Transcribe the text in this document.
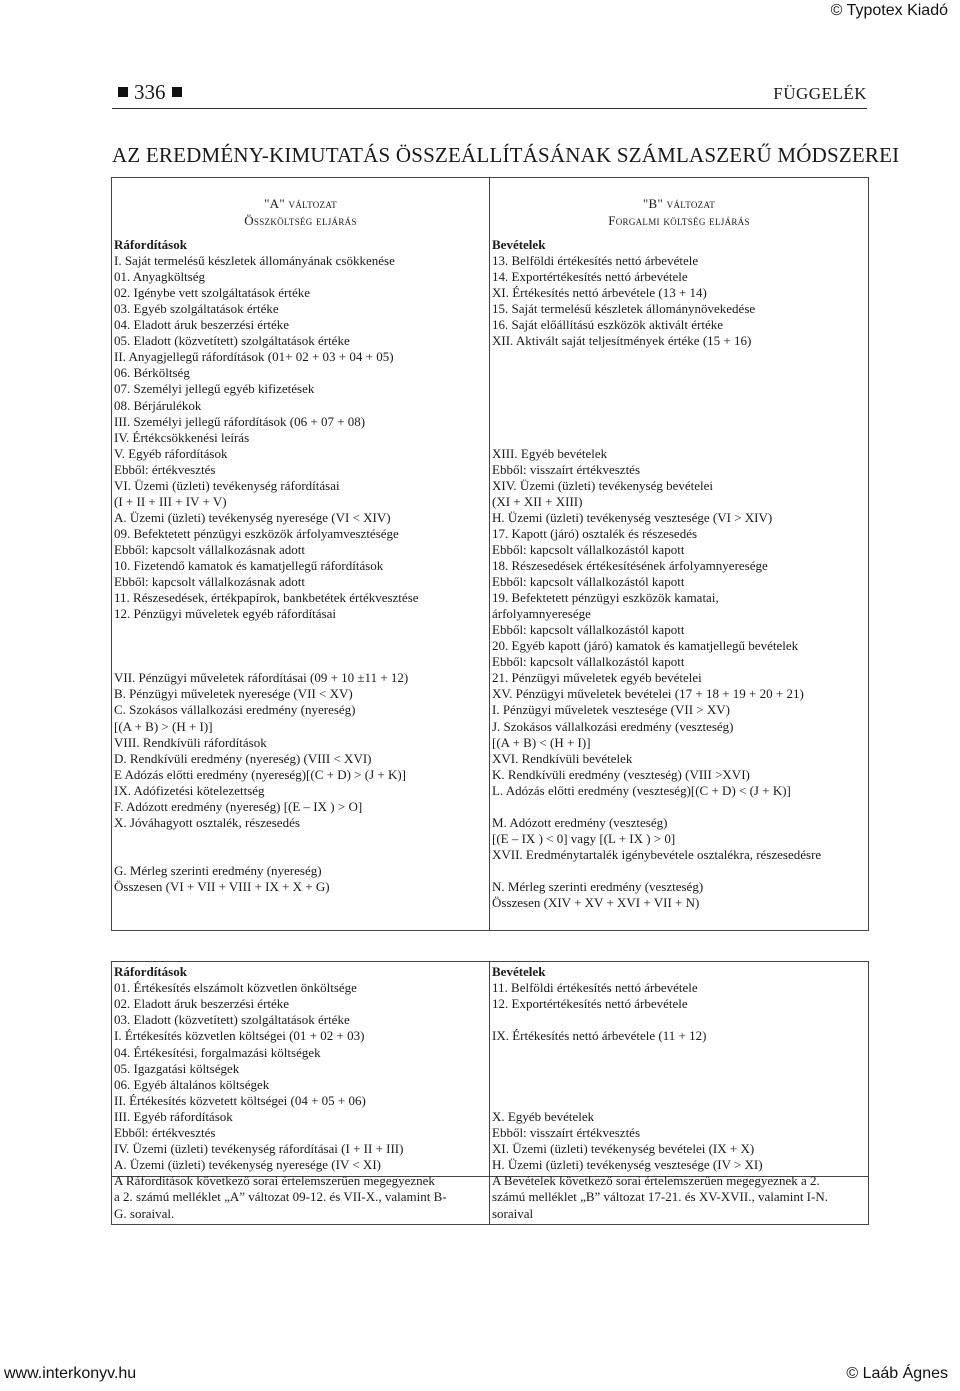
© Typotex Kiadó
336	FÜGGELÉK
AZ EREDMÉNY-KIMUTATÁS ÖSSZEÁLLÍTÁSÁNAK SZÁMLASZERŰ MÓDSZEREI
"A" változat
Összköltség eljárás
"B" változat
Forgalmi költség eljárás
Ráfordítások
I. Saját termelésű készletek állományának csökkenése
01. Anyagköltség
02. Igénybe vett szolgáltatások értéke
03. Egyéb szolgáltatások értéke
04. Eladott áruk beszerzési értéke
05. Eladott (közvetített) szolgáltatások értéke
II. Anyagjellegű ráfordítások (01+ 02 + 03 + 04 + 05)
06. Bérköltség
07. Személyi jellegű egyéb kifizetések
08. Bérjárulékok
III. Személyi jellegű ráfordítások (06 + 07 + 08)
IV. Értékcsökkenési leírás
V. Egyéb ráfordítások
Ebből: értékvesztés
VI. Üzemi (üzleti) tevékenység ráfordításai
(I + II + III + IV + V)
A. Üzemi (üzleti) tevékenység nyeresége (VI < XIV)
09. Befektetett pénzügyi eszközök árfolyamvesztésége
Ebből: kapcsolt vállalkozásnak adott
10. Fizetendő kamatok és kamatjellegű ráfordítások
Ebből: kapcsolt vállalkozásnak adott
11. Részesedések, értékpapírok, bankbetétek értékvesztése
12. Pénzügyi műveletek egyéb ráfordításai
VII. Pénzügyi műveletek ráfordításai (09 + 10 ±11 + 12)
B. Pénzügyi műveletek nyeresége (VII < XV)
C. Szokásos vállalkozási eredmény (nyereség)
[(A + B) > (H + I)]
VIII. Rendkívüli ráfordítások
D. Rendkívüli eredmény (nyereség) (VIII < XVI)
E Adózás előtti eredmény (nyereség)[(C + D) > (J + K)]
IX. Adófizetési kötelezettség
F. Adózott eredmény (nyereség) [(E – IX ) > O]
X. Jóváhagyott osztalék, részesedés
G. Mérleg szerinti eredmény (nyereség)
Összesen (VI + VII + VIII + IX + X + G)
Bevételek
13. Belföldi értékesítés nettó árbevétele
14. Exportértékesítés nettó árbevétele
XI. Értékesítés nettó árbevétele (13 + 14)
15. Saját termelésű készletek állománynövekedése
16. Saját előállítású eszközök aktivált értéke
XII. Aktivált saját teljesítmények értéke (15 + 16)
XIII. Egyéb bevételek
Ebből: visszaírt értékvesztés
XIV. Üzemi (üzleti) tevékenység bevételei
(XI + XII + XIII)
H. Üzemi (üzleti) tevékenység vesztesége (VI > XIV)
17. Kapott (járó) osztalék és részesedés
Ebből: kapcsolt vállalkozástól kapott
18. Részesedések értékesítésének árfolyamnyeresége
Ebből: kapcsolt vállalkozástól kapott
19. Befektetett pénzügyi eszközök kamatai,
árfolyamnyeresége
Ebből: kapcsolt vállalkozástól kapott
20. Egyéb kapott (járó) kamatok és kamatjellegű bevételek
Ebből: kapcsolt vállalkozástól kapott
21. Pénzügyi műveletek egyéb bevételei
XV. Pénzügyi műveletek bevételei (17 + 18 + 19 + 20 + 21)
I. Pénzügyi műveletek vesztesége (VII > XV)
J. Szokásos vállalkozási eredmény (veszteség)
[(A + B) < (H + I)]
XVI. Rendkívüli bevételek
K. Rendkívüli eredmény (veszteség) (VIII >XVI)
L. Adózás előtti eredmény (veszteség)[(C + D) < (J + K)]
M. Adózott eredmény (veszteség)
[(E – IX ) < 0] vagy [(L + IX ) > 0]
XVII. Eredménytartalék igénybevétele osztalékra, részesedésre
N. Mérleg szerinti eredmény (veszteség)
Összesen (XIV + XV + XVI + VII + N)
Ráfordítások
01. Értékesítés elszámolt közvetlen önköltsége
02. Eladott áruk beszerzési értéke
03. Eladott (közvetített) szolgáltatások értéke
I. Értékesítés közvetlen költségei (01 + 02 + 03)
04. Értékesítési, forgalmazási költségek
05. Igazgatási költségek
06. Egyéb általános költségek
II. Értékesítés közvetett költségei (04 + 05 + 06)
III. Egyéb ráfordítások
Ebből: értékvesztés
IV. Üzemi (üzleti) tevékenység ráfordításai (I + II + III)
A. Üzemi (üzleti) tevékenység nyeresége (IV < XI)
A Ráfordítások következő sorai értelemszerűen megegyeznek
a 2. számú melléklet „A” változat 09-12. és VII-X., valamint B-
G. soraival.
Bevételek
11. Belföldi értékesítés nettó árbevétele
12. Exportértékesítés nettó árbevétele
IX. Értékesítés nettó árbevétele (11 + 12)
X. Egyéb bevételek
Ebből: visszaírt értékvesztés
XI. Üzemi (üzleti) tevékenység bevételei (IX + X)
H. Üzemi (üzleti) tevékenység vesztesége (IV > XI)
A Bevételek következő sorai értelemszerűen megegyeznek a 2.
számú melléklet „B” változat 17-21. és XV-XVII., valamint I-N.
soraival
www.interkonyv.hu	© Laáb Ágnes
